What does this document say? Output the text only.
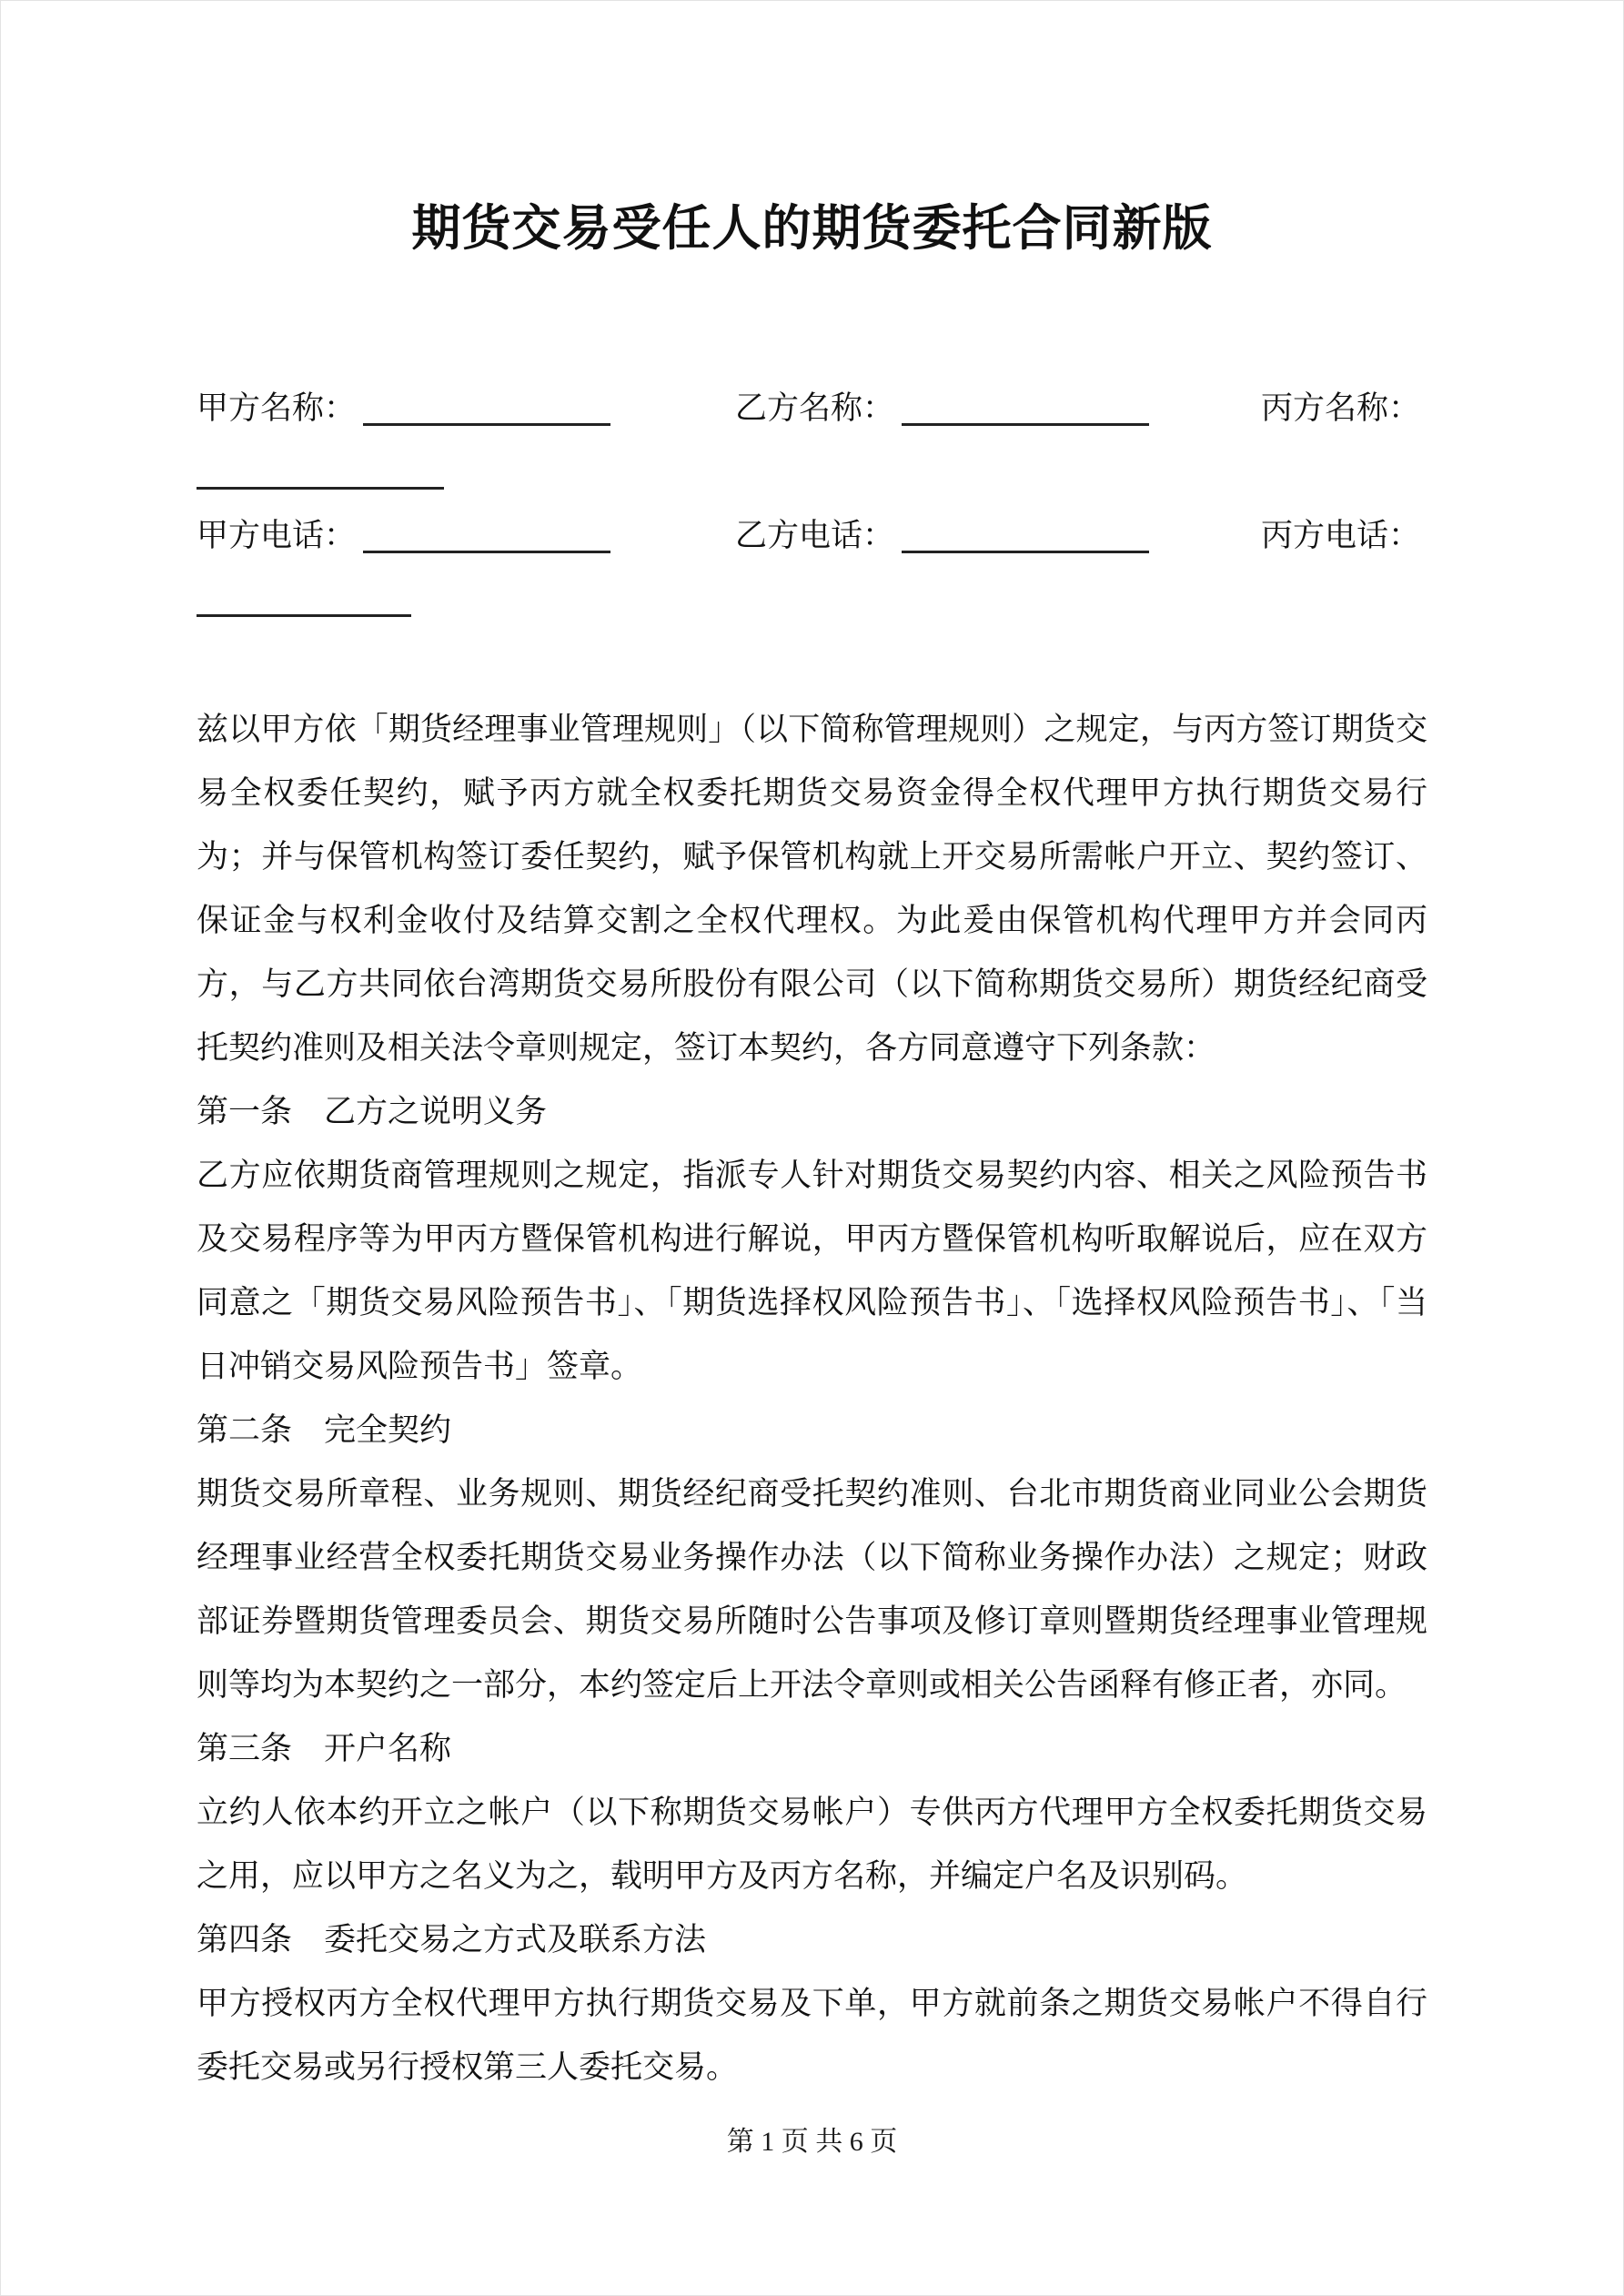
期货交易受任人的期货委托合同新版
甲方名称：	乙方名称：	丙方名称：
甲方电话：	乙方电话：	丙方电话：

兹以甲方依「期货经理事业管理规则」（以下简称管理规则）之规定，与丙方签订期货交易全权委任契约，赋予丙方就全权委托期货交易资金得全权代理甲方执行期货交易行为；并与保管机构签订委任契约，赋予保管机构就上开交易所需帐户开立、契约签订、保证金与权利金收付及结算交割之全权代理权。为此爰由保管机构代理甲方并会同丙方，与乙方共同依台湾期货交易所股份有限公司（以下简称期货交易所）期货经纪商受托契约准则及相关法令章则规定，签订本契约，各方同意遵守下列条款：

第一条　乙方之说明义务

乙方应依期货商管理规则之规定，指派专人针对期货交易契约内容、相关之风险预告书及交易程序等为甲丙方暨保管机构进行解说，甲丙方暨保管机构听取解说后，应在双方同意之「期货交易风险预告书」、「期货选择权风险预告书」、「选择权风险预告书」、「当日冲销交易风险预告书」签章。

第二条　完全契约

期货交易所章程、业务规则、期货经纪商受托契约准则、台北市期货商业同业公会期货经理事业经营全权委托期货交易业务操作办法（以下简称业务操作办法）之规定；财政部证券暨期货管理委员会、期货交易所随时公告事项及修订章则暨期货经理事业管理规则等均为本契约之一部分，本约签定后上开法令章则或相关公告函释有修正者，亦同。

第三条　开户名称

立约人依本约开立之帐户（以下称期货交易帐户）专供丙方代理甲方全权委托期货交易之用，应以甲方之名义为之，载明甲方及丙方名称，并编定户名及识别码。

第四条　委托交易之方式及联系方法

甲方授权丙方全权代理甲方执行期货交易及下单，甲方就前条之期货交易帐户不得自行委托交易或另行授权第三人委托交易。

第 1 页 共 6 页
